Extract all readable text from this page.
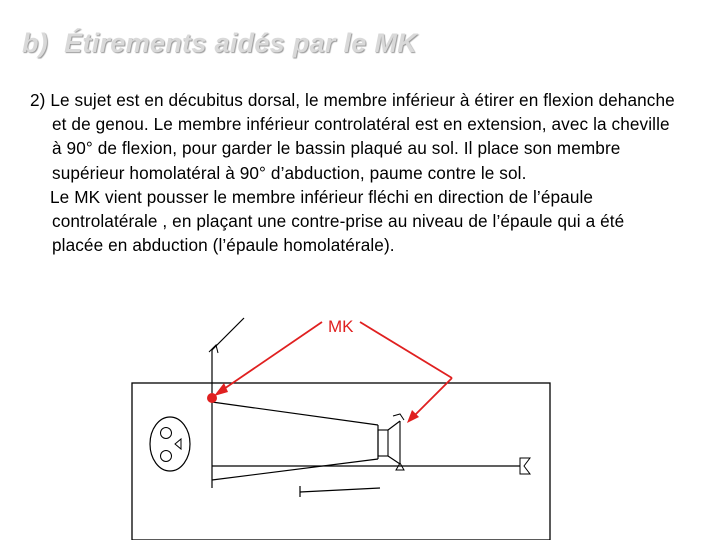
b) Étirements aidés par le MK

2) Le sujet est en décubitus dorsal, le membre inférieur à étirer en flexion dehanche et de genou. Le membre inférieur controlatéral est en extension, avec la cheville à 90° de flexion, pour garder le bassin plaqué au sol. Il place son membre supérieur homolatéral à 90° d’abduction, paume contre le sol.

Le MK vient pousser le membre inférieur fléchi en direction de l’épaule controlatérale , en plaçant une contre-prise au niveau de l’épaule qui a été placée en abduction (l’épaule homolatérale).

MK
